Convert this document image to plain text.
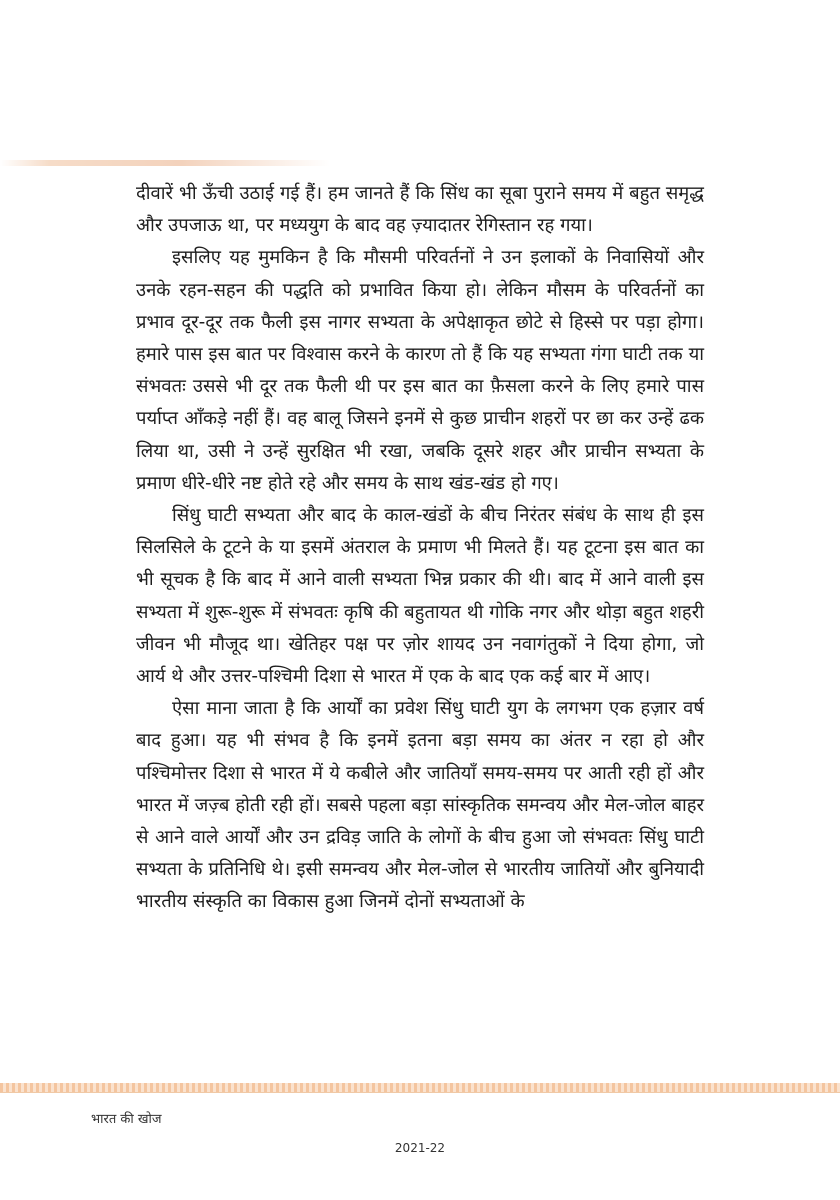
दीवारें भी ऊँची उठाई गई हैं। हम जानते हैं कि सिंध का सूबा पुराने समय में बहुत समृद्ध और उपजाऊ था, पर मध्ययुग के बाद वह ज़्यादातर रेगिस्तान रह गया।

इसलिए यह मुमकिन है कि मौसमी परिवर्तनों ने उन इलाकों के निवासियों और उनके रहन-सहन की पद्धति को प्रभावित किया हो। लेकिन मौसम के परिवर्तनों का प्रभाव दूर-दूर तक फैली इस नागर सभ्यता के अपेक्षाकृत छोटे से हिस्से पर पड़ा होगा। हमारे पास इस बात पर विश्वास करने के कारण तो हैं कि यह सभ्यता गंगा घाटी तक या संभवतः उससे भी दूर तक फैली थी पर इस बात का फ़ैसला करने के लिए हमारे पास पर्याप्त आँकड़े नहीं हैं। वह बालू जिसने इनमें से कुछ प्राचीन शहरों पर छा कर उन्हें ढक लिया था, उसी ने उन्हें सुरक्षित भी रखा, जबकि दूसरे शहर और प्राचीन सभ्यता के प्रमाण धीरे-धीरे नष्ट होते रहे और समय के साथ खंड-खंड हो गए।

सिंधु घाटी सभ्यता और बाद के काल-खंडों के बीच निरंतर संबंध के साथ ही इस सिलसिले के टूटने के या इसमें अंतराल के प्रमाण भी मिलते हैं। यह टूटना इस बात का भी सूचक है कि बाद में आने वाली सभ्यता भिन्न प्रकार की थी। बाद में आने वाली इस सभ्यता में शुरू-शुरू में संभवतः कृषि की बहुतायत थी गोकि नगर और थोड़ा बहुत शहरी जीवन भी मौजूद था। खेतिहर पक्ष पर ज़ोर शायद उन नवागंतुकों ने दिया होगा, जो आर्य थे और उत्तर-पश्चिमी दिशा से भारत में एक के बाद एक कई बार में आए।

ऐसा माना जाता है कि आर्यों का प्रवेश सिंधु घाटी युग के लगभग एक हज़ार वर्ष बाद हुआ। यह भी संभव है कि इनमें इतना बड़ा समय का अंतर न रहा हो और पश्चिमोत्तर दिशा से भारत में ये कबीले और जातियाँ समय-समय पर आती रही हों और भारत में जज़्ब होती रही हों। सबसे पहला बड़ा सांस्कृतिक समन्वय और मेल-जोल बाहर से आने वाले आर्यों और उन द्रविड़ जाति के लोगों के बीच हुआ जो संभवतः सिंधु घाटी सभ्यता के प्रतिनिधि थे। इसी समन्वय और मेल-जोल से भारतीय जातियों और बुनियादी भारतीय संस्कृति का विकास हुआ जिनमें दोनों सभ्यताओं के

भारत की खोज
2021-22
